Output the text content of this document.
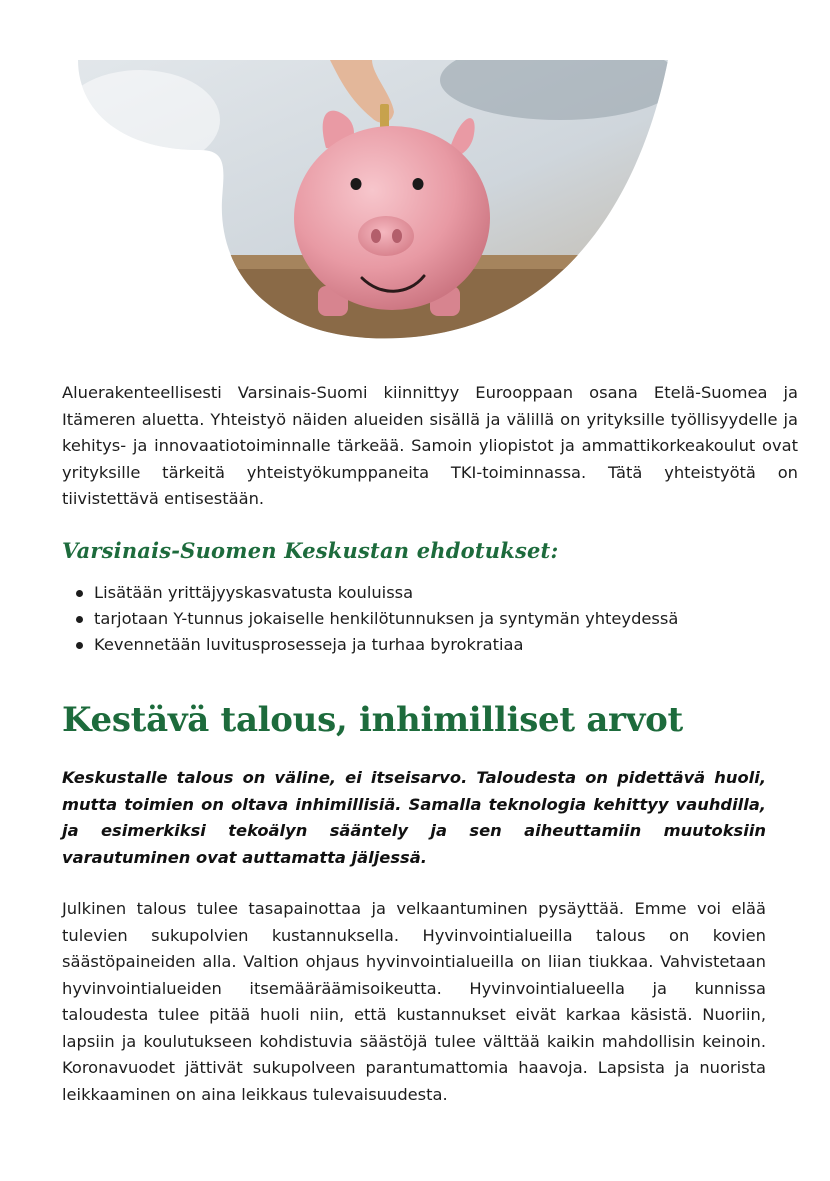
Aluerakenteellisesti Varsinais-Suomi kiinnittyy Eurooppaan osana Etelä-Suomea ja Itämeren aluetta. Yhteistyö näiden alueiden sisällä ja välillä on yrityksille työllisyydelle ja kehitys- ja innovaatiotoiminnalle tärkeää. Samoin yliopistot ja ammattikorkeakoulut ovat yrityksille tärkeitä yhteistyökumppaneita TKI-toiminnassa. Tätä yhteistyötä on tiivistettävä entisestään.

Varsinais-Suomen Keskustan ehdotukset:
Lisätään yrittäjyyskasvatusta kouluissa
tarjotaan Y-tunnus jokaiselle henkilötunnuksen ja syntymän yhteydessä
Kevennetään luvitusprosesseja ja turhaa byrokratiaa
Kestävä talous, inhimilliset arvot

Keskustalle talous on väline, ei itseisarvo. Taloudesta on pidettävä huoli, mutta toimien on oltava inhimillisiä. Samalla teknologia kehittyy vauhdilla, ja esimerkiksi tekoälyn sääntely ja sen aiheuttamiin muutoksiin varautuminen ovat auttamatta jäljessä.

Julkinen talous tulee tasapainottaa ja velkaantuminen pysäyttää. Emme voi elää tulevien sukupolvien kustannuksella. Hyvinvointialueilla talous on kovien säästöpaineiden alla. Valtion ohjaus hyvinvointialueilla on liian tiukkaa. Vahvistetaan hyvinvointialueiden itsemääräämisoikeutta. Hyvinvointialueella ja kunnissa taloudesta tulee pitää huoli niin, että kustannukset eivät karkaa käsistä. Nuoriin, lapsiin ja koulutukseen kohdistuvia säästöjä tulee välttää kaikin mahdollisin keinoin. Koronavuodet jättivät sukupolveen parantumattomia haavoja. Lapsista ja nuorista leikkaaminen on aina leikkaus tulevaisuudesta.
